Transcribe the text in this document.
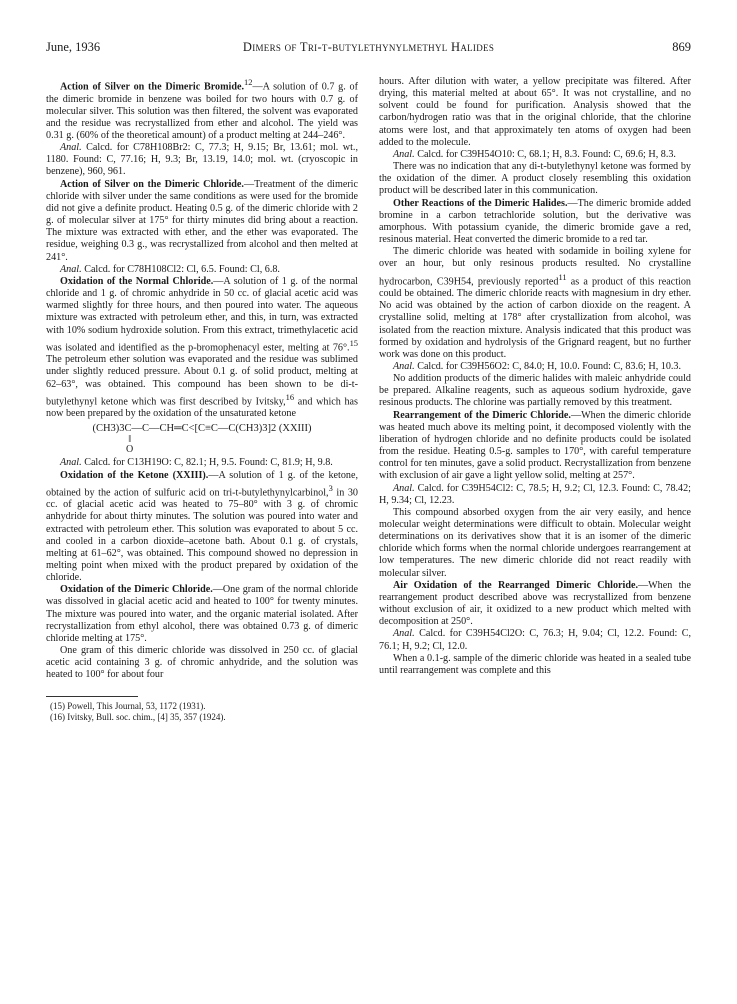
June, 1936	Dimers of Tri-t-butylethynylmethyl Halides	869

Action of Silver on the Dimeric Bromide.$^{12}$—A solution of 0.7 g. of the dimeric bromide in benzene was boiled for two hours with 0.7 g. of molecular silver. This solution was then filtered, the solvent was evaporated and the residue was recrystallized from ether and alcohol. The yield was 0.31 g. (60% of the theoretical amount) of a product melting at 244–246°.

Anal. Calcd. for C78H108Br2: C, 77.3; H, 9.15; Br, 13.61; mol. wt., 1180. Found: C, 77.16; H, 9.3; Br, 13.19, 14.0; mol. wt. (cryoscopic in benzene), 960, 961.

Action of Silver on the Dimeric Chloride.—Treatment of the dimeric chloride with silver under the same conditions as were used for the bromide did not give a definite product. Heating 0.5 g. of the dimeric chloride with 2 g. of molecular silver at 175° for thirty minutes did bring about a reaction. The mixture was extracted with ether, and the ether was evaporated. The residue, weighing 0.3 g., was recrystallized from alcohol and then melted at 241°.

Anal. Calcd. for C78H108Cl2: Cl, 6.5. Found: Cl, 6.8.

Oxidation of the Normal Chloride.—A solution of 1 g. of the normal chloride and 1 g. of chromic anhydride in 50 cc. of glacial acetic acid was warmed slightly for three hours, and then poured into water. The aqueous mixture was extracted with petroleum ether, and this, in turn, was extracted with 10% sodium hydroxide solution. From this extract, trimethylacetic acid was isolated and identified as the p-bromophenacyl ester, melting at 76°.$^{15}$ The petroleum ether solution was evaporated and the residue was sublimed under slightly reduced pressure. About 0.1 g. of solid product, melting at 62–63°, was obtained. This compound has been shown to be di-t-butylethynyl ketone which was first described by Ivitsky,$^{16}$ and which has now been prepared by the oxidation of the unsaturated ketone

(CH3)3C—C—CH═C<[C≡C—C(CH3)3]2 (XXIII)
‖
O

Anal. Calcd. for C13H19O: C, 82.1; H, 9.5. Found: C, 81.9; H, 9.8.

Oxidation of the Ketone (XXIII).—A solution of 1 g. of the ketone, obtained by the action of sulfuric acid on tri-t-butylethynylcarbinol,$^3$ in 30 cc. of glacial acetic acid was heated to 75–80° with 3 g. of chromic anhydride for about thirty minutes. The solution was poured into water and extracted with petroleum ether. This solution was evaporated to about 5 cc. and cooled in a carbon dioxide–acetone bath. About 0.1 g. of crystals, melting at 61–62°, was obtained. This compound showed no depression in melting point when mixed with the product prepared by oxidation of the chloride.

Oxidation of the Dimeric Chloride.—One gram of the normal chloride was dissolved in glacial acetic acid and heated to 100° for twenty minutes. The mixture was poured into water, and the organic material isolated. After recrystallization from ethyl alcohol, there was obtained 0.73 g. of dimeric chloride melting at 175°.

One gram of this dimeric chloride was dissolved in 250 cc. of glacial acetic acid containing 3 g. of chromic anhydride, and the solution was heated to 100° for about four

(15) Powell, This Journal, 53, 1172 (1931).

(16) Ivitsky, Bull. soc. chim., [4] 35, 357 (1924).

hours. After dilution with water, a yellow precipitate was filtered. After drying, this material melted at about 65°. It was not crystalline, and no solvent could be found for purification. Analysis showed that the carbon/hydrogen ratio was that in the original chloride, that the chlorine atoms were lost, and that approximately ten atoms of oxygen had been added to the molecule.

Anal. Calcd. for C39H54O10: C, 68.1; H, 8.3. Found: C, 69.6; H, 8.3.

There was no indication that any di-t-butylethynyl ketone was formed by the oxidation of the dimer. A product closely resembling this oxidation product will be described later in this communication.

Other Reactions of the Dimeric Halides.—The dimeric bromide added bromine in a carbon tetrachloride solution, but the derivative was amorphous. With potassium cyanide, the dimeric bromide gave a red, resinous material. Heat converted the dimeric bromide to a red tar.

The dimeric chloride was heated with sodamide in boiling xylene for over an hour, but only resinous products resulted. No crystalline hydrocarbon, C39H54, previously reported$^{11}$ as a product of this reaction could be obtained. The dimeric chloride reacts with magnesium in dry ether. No acid was obtained by the action of carbon dioxide on the reagent. A crystalline solid, melting at 178° after crystallization from alcohol, was isolated from the reaction mixture. Analysis indicated that this product was formed by oxidation and hydrolysis of the Grignard reagent, but no further work was done on this product.

Anal. Calcd. for C39H56O2: C, 84.0; H, 10.0. Found: C, 83.6; H, 10.3.

No addition products of the dimeric halides with maleic anhydride could be prepared. Alkaline reagents, such as aqueous sodium hydroxide, gave resinous products. The chlorine was partially removed by this treatment.

Rearrangement of the Dimeric Chloride.—When the dimeric chloride was heated much above its melting point, it decomposed violently with the liberation of hydrogen chloride and no definite products could be isolated from the residue. Heating 0.5-g. samples to 170°, with careful temperature control for ten minutes, gave a solid product. Recrystallization from benzene with exclusion of air gave a light yellow solid, melting at 257°.

Anal. Calcd. for C39H54Cl2: C, 78.5; H, 9.2; Cl, 12.3. Found: C, 78.42; H, 9.34; Cl, 12.23.

This compound absorbed oxygen from the air very easily, and hence molecular weight determinations were difficult to obtain. Molecular weight determinations on its derivatives show that it is an isomer of the dimeric chloride which forms when the normal chloride undergoes rearrangement at low temperatures. The new dimeric chloride did not react readily with molecular silver.

Air Oxidation of the Rearranged Dimeric Chloride.—When the rearrangement product described above was recrystallized from benzene without exclusion of air, it oxidized to a new product which melted with decomposition at 250°.

Anal. Calcd. for C39H54Cl2O: C, 76.3; H, 9.04; Cl, 12.2. Found: C, 76.1; H, 9.2; Cl, 12.0.

When a 0.1-g. sample of the dimeric chloride was heated in a sealed tube until rearrangement was complete and this
